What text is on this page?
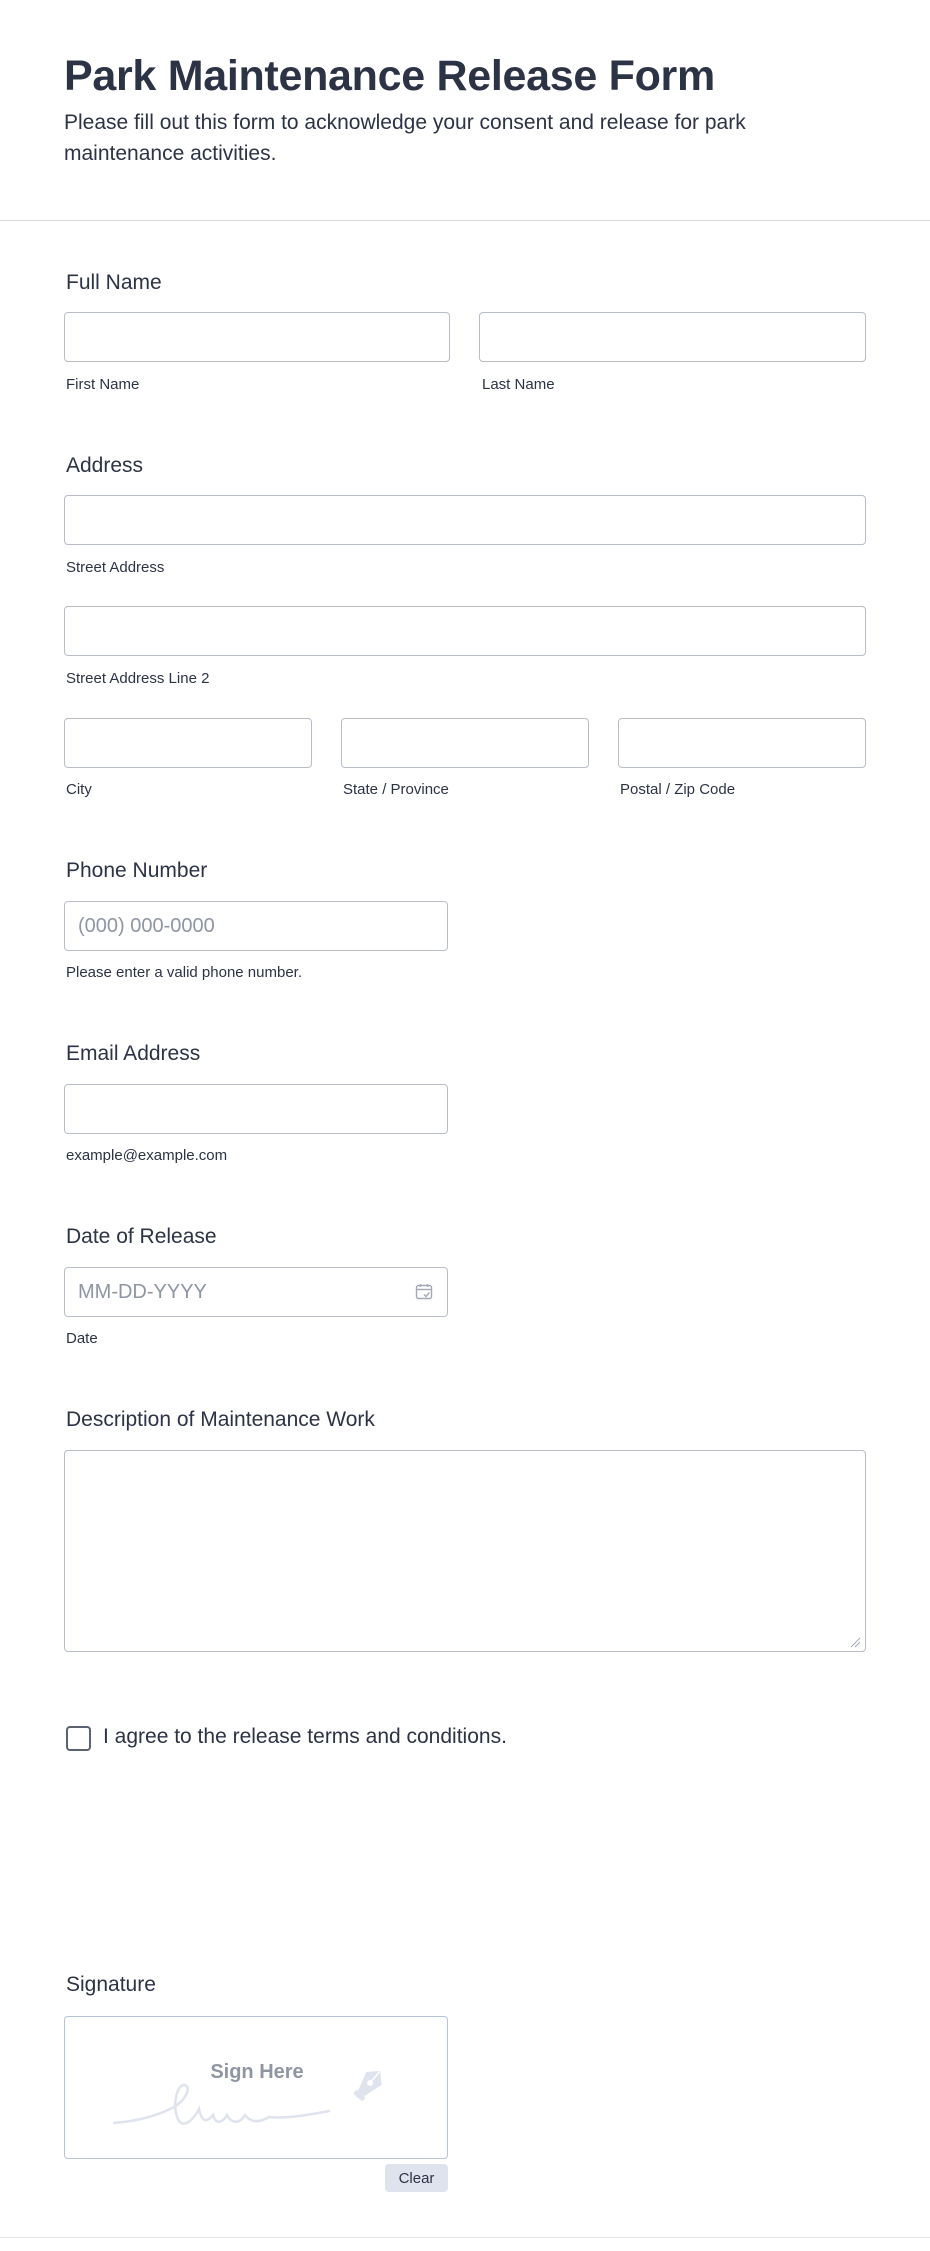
Park Maintenance Release Form

Please fill out this form to acknowledge your consent and release for park maintenance activities.

Full Name
First Name	Last Name
Address
Street Address
Street Address Line 2
City	State / Province	Postal / Zip Code
Phone Number
(000) 000-0000
Please enter a valid phone number.
Email Address
example@example.com
Date of Release
MM-DD-YYYY
Date
Description of Maintenance Work
I agree to the release terms and conditions.
Signature
Sign Here
Clear
